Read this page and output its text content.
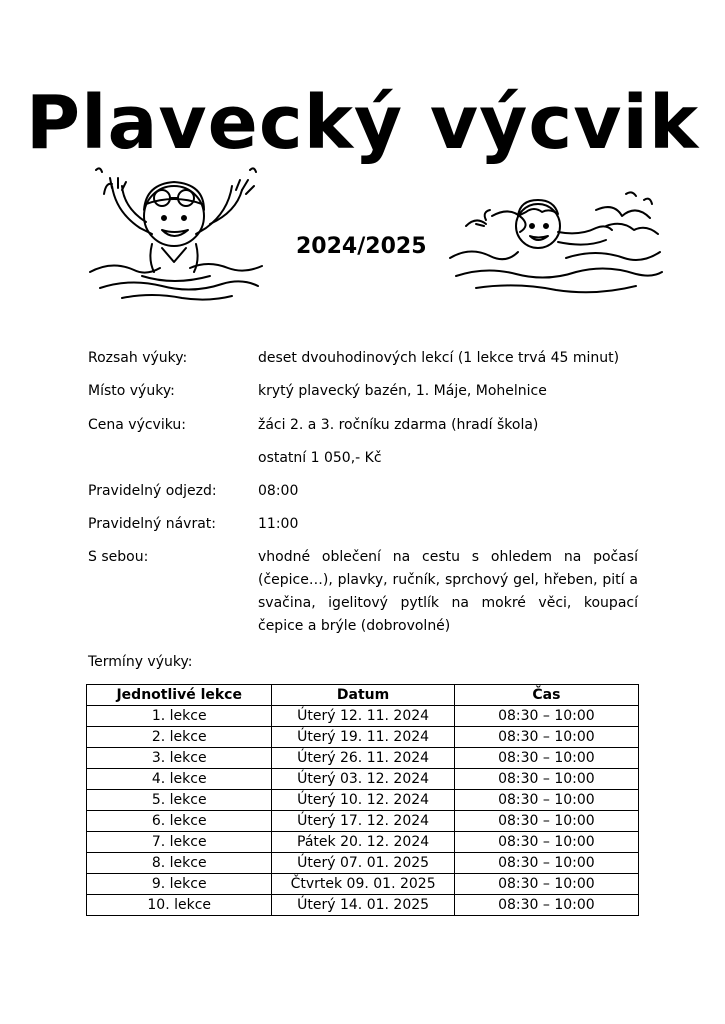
Plavecký výcvik
2024/2025
Rozsah výuky:	deset dvouhodinových lekcí (1 lekce trvá 45 minut)
Místo výuky:	krytý plavecký bazén, 1. Máje, Mohelnice
Cena výcviku:	žáci 2. a 3. ročníku zdarma (hradí škola)
ostatní 1 050,- Kč
Pravidelný odjezd:	08:00
Pravidelný návrat:	11:00
S sebou:	vhodné oblečení na cestu s ohledem na počasí (čepice…), plavky, ručník, sprchový gel, hřeben, pití a svačina, igelitový pytlík na mokré věci, koupací čepice a brýle (dobrovolné)
Termíny výuky:
Jednotlivé lekce	Datum	Čas
1. lekce	Úterý 12. 11. 2024	08:30 – 10:00
2. lekce	Úterý 19. 11. 2024	08:30 – 10:00
3. lekce	Úterý 26. 11. 2024	08:30 – 10:00
4. lekce	Úterý 03. 12. 2024	08:30 – 10:00
5. lekce	Úterý 10. 12. 2024	08:30 – 10:00
6. lekce	Úterý 17. 12. 2024	08:30 – 10:00
7. lekce	Pátek 20. 12. 2024	08:30 – 10:00
8. lekce	Úterý 07. 01. 2025	08:30 – 10:00
9. lekce	Čtvrtek 09. 01. 2025	08:30 – 10:00
10. lekce	Úterý 14. 01. 2025	08:30 – 10:00
